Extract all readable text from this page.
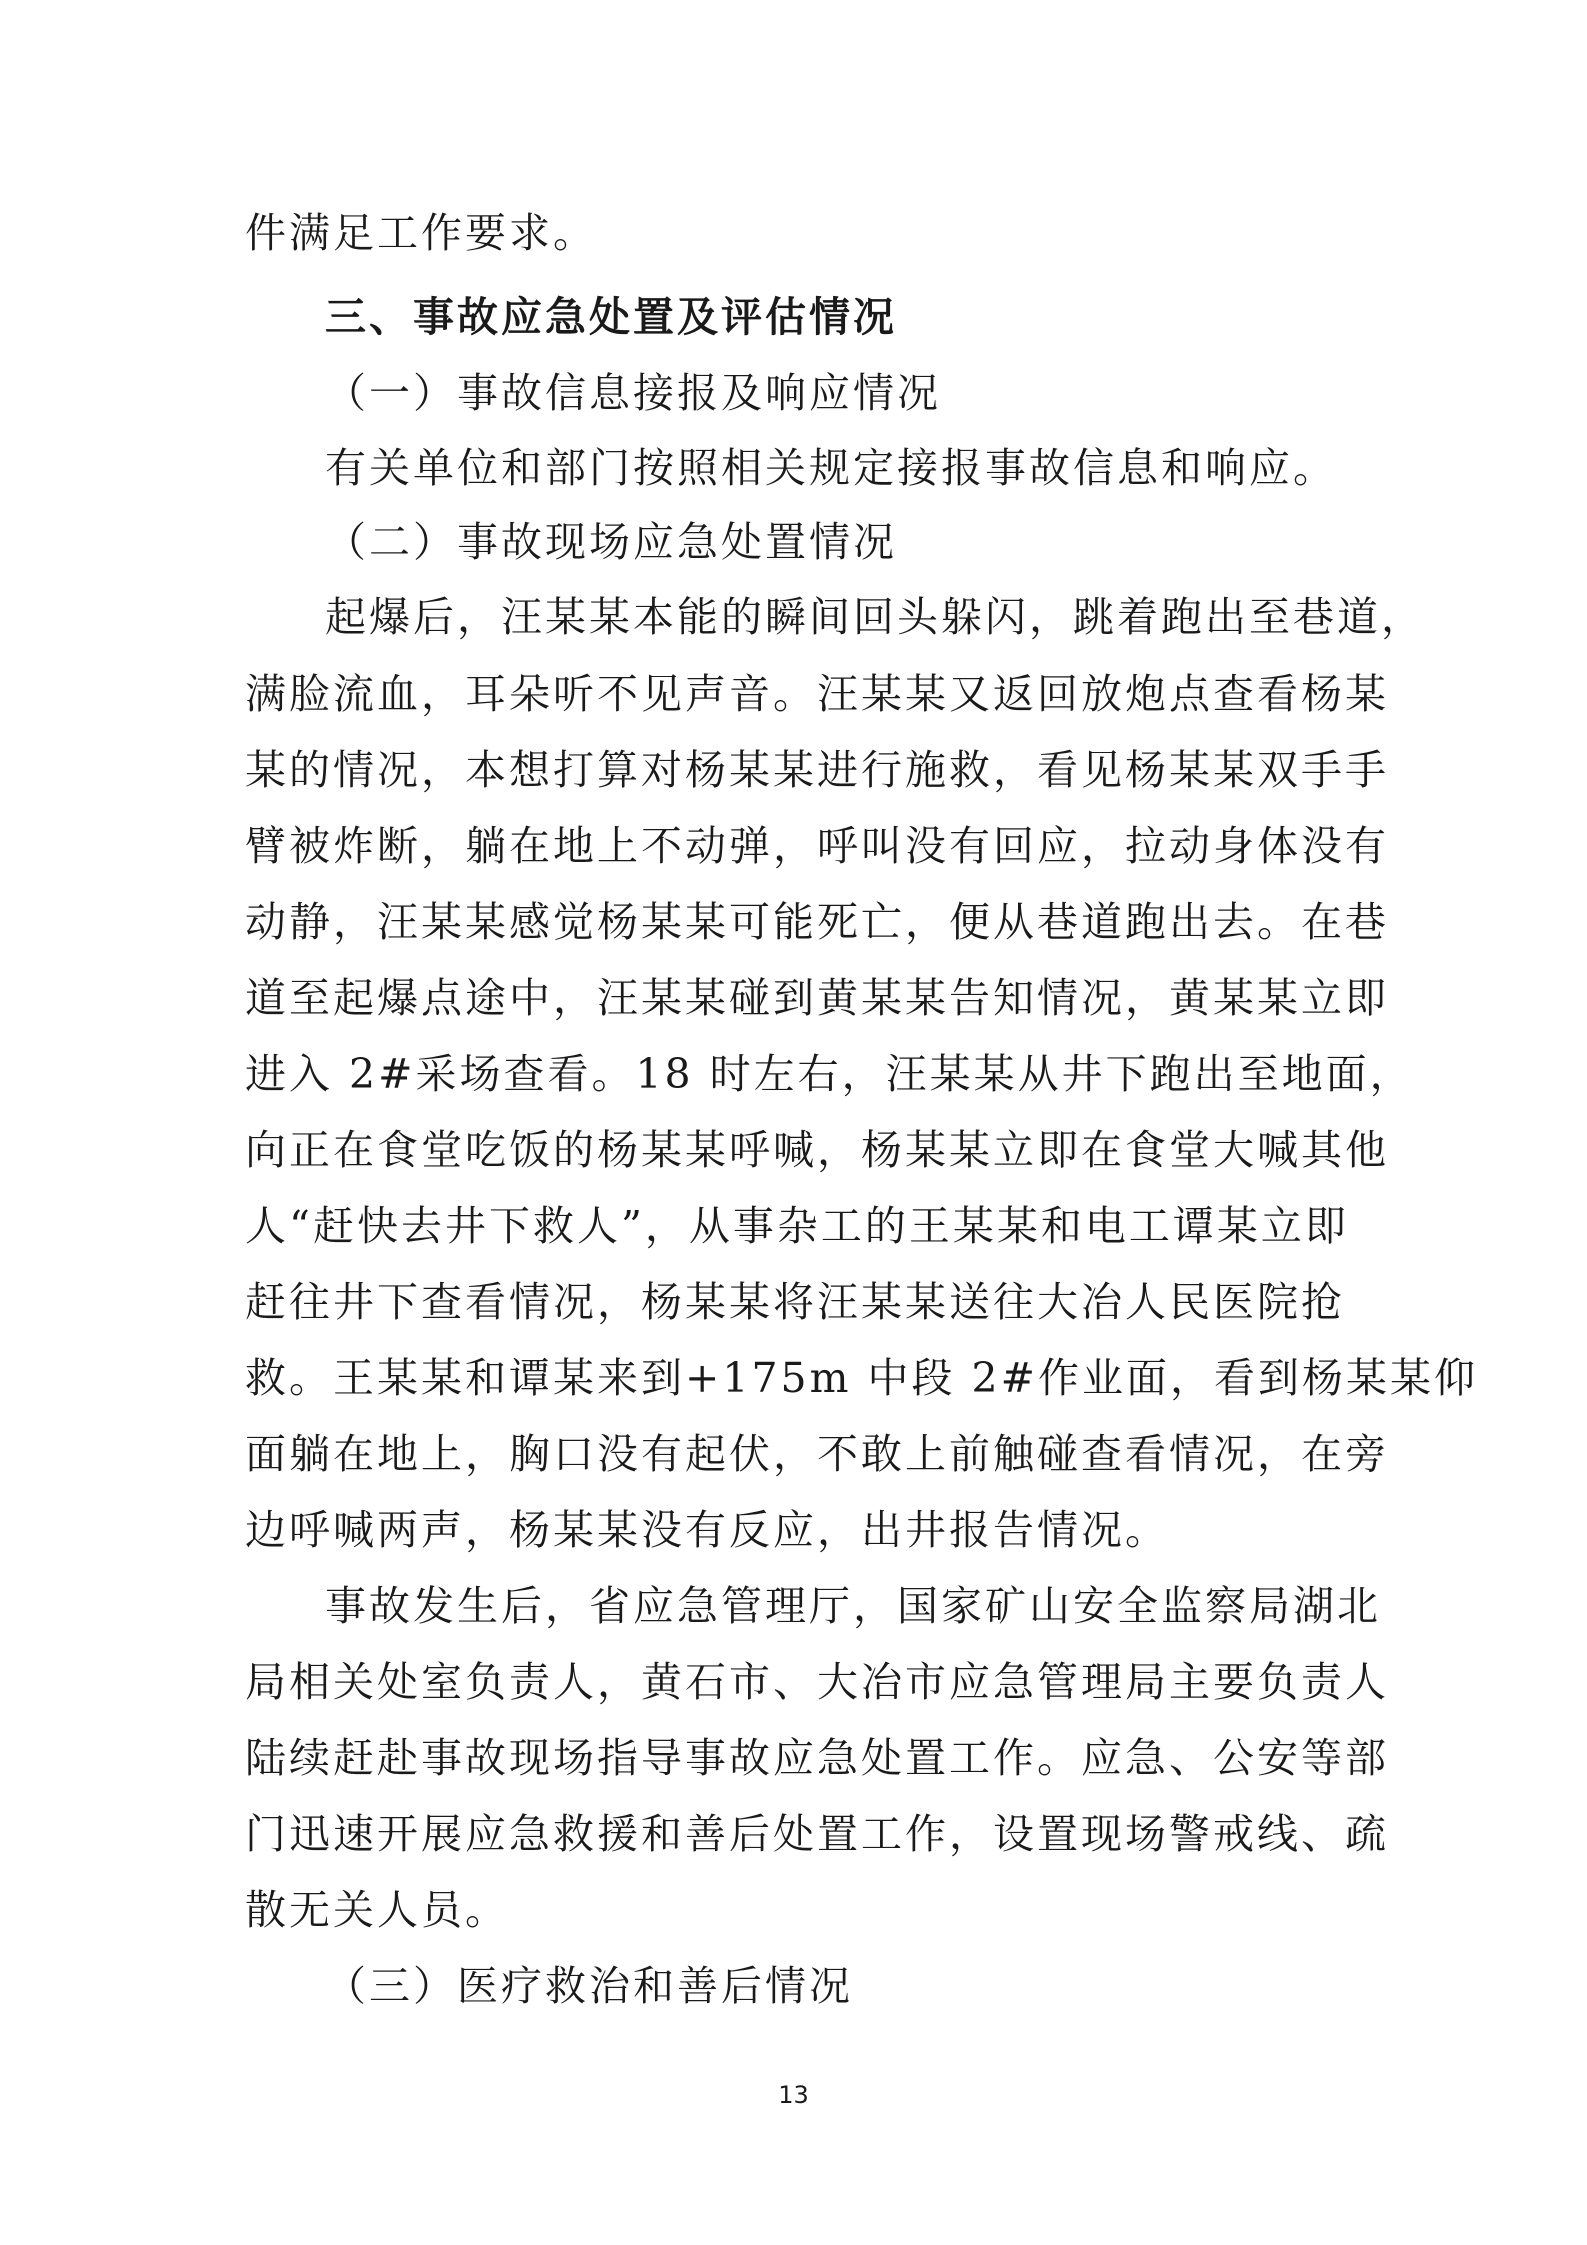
件满足工作要求。
三、事故应急处置及评估情况
（一）事故信息接报及响应情况
有关单位和部门按照相关规定接报事故信息和响应。
（二）事故现场应急处置情况
起爆后，汪某某本能的瞬间回头躲闪，跳着跑出至巷道，
满脸流血，耳朵听不见声音。汪某某又返回放炮点查看杨某
某的情况，本想打算对杨某某进行施救，看见杨某某双手手
臂被炸断，躺在地上不动弹，呼叫没有回应，拉动身体没有
动静，汪某某感觉杨某某可能死亡，便从巷道跑出去。在巷
道至起爆点途中，汪某某碰到黄某某告知情况，黄某某立即
进入 2#采场查看。18 时左右，汪某某从井下跑出至地面，
向正在食堂吃饭的杨某某呼喊，杨某某立即在食堂大喊其他
人“赶快去井下救人”，从事杂工的王某某和电工谭某立即
赶往井下查看情况，杨某某将汪某某送往大冶人民医院抢
救。王某某和谭某来到+175m 中段 2#作业面，看到杨某某仰
面躺在地上，胸口没有起伏，不敢上前触碰查看情况，在旁
边呼喊两声，杨某某没有反应，出井报告情况。
事故发生后，省应急管理厅，国家矿山安全监察局湖北
局相关处室负责人，黄石市、大冶市应急管理局主要负责人
陆续赶赴事故现场指导事故应急处置工作。应急、公安等部
门迅速开展应急救援和善后处置工作，设置现场警戒线、疏
散无关人员。
（三）医疗救治和善后情况
13
